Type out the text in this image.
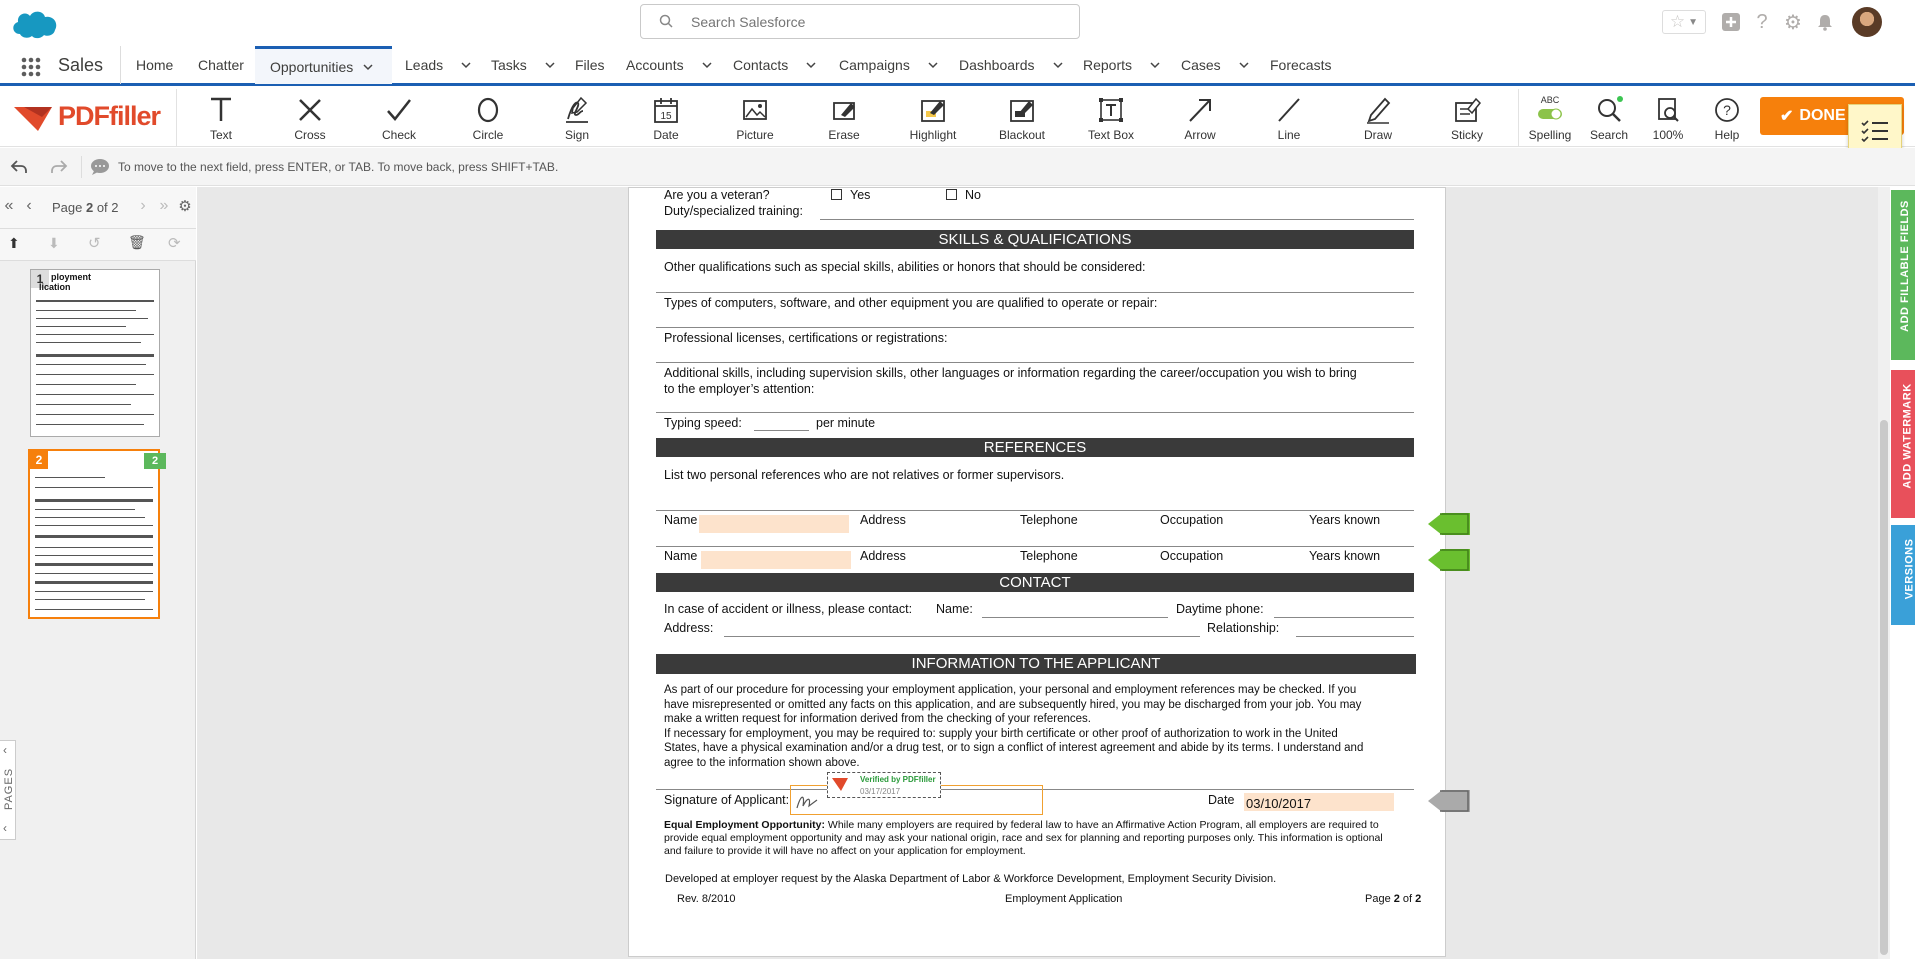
Search Salesforce
☆ ▼	? ⚙
Sales Home Chatter Opportunities	Leads	Tasks	Files Accounts	Contacts	Campaigns	Dashboards	Reports	Cases	Forecasts
PDFfiller
Text	Cross	Check	Circle	Sign
15
Date	Picture	Erase	Highlight	Blackout	Text Box	Arrow	Line	Draw	Sticky
ABC
Spelling Search 100%
?
Help
✔ DONE
To move to the next field, press ENTER, or TAB. To move back, press SHIFT+TAB.
« ‹	Page 2 of 2	› » ⚙
⬆ ⬇ ↺ 🗑 ⟳
1 ployment
lication
2	2
‹
PAGES
‹
Are you a veteran?	Yes	No
Duty/specialized training:
SKILLS & QUALIFICATIONS
Other qualifications such as special skills, abilities or honors that should be considered:
Types of computers, software, and other equipment you are qualified to operate or repair:
Professional licenses, certifications or registrations:
Additional skills, including supervision skills, other languages or information regarding the career/occupation you wish to bring
to the employer’s attention:
Typing speed:	per minute
REFERENCES
List two personal references who are not relatives or former supervisors.
Name	Address	Telephone	Occupation	Years known
Name	Address	Telephone	Occupation	Years known
CONTACT
In case of accident or illness, please contact: Name:	Daytime phone:
Address:	Relationship:
INFORMATION TO THE APPLICANT
As part of our procedure for processing your employment application, your personal and employment references may be checked. If you
have misrepresented or omitted any facts on this application, and are subsequently hired, you may be discharged from your job. You may
make a written request for information derived from the checking of your references.
If necessary for employment, you may be required to: supply your birth certificate or other proof of authorization to work in the United
States, have a physical examination and/or a drug test, or to sign a conflict of interest agreement and abide by its terms. I understand and
agree to the information shown above.
Signature of Applicant:
Verified by PDFfiller
03/17/2017
Date 03/10/2017
Equal Employment Opportunity: While many employers are required by federal law to have an Affirmative Action Program, all employers are required to
provide equal employment opportunity and may ask your national origin, race and sex for planning and reporting purposes only. This information is optional
and failure to provide it will have no affect on your application for employment.
Developed at employer request by the Alaska Department of Labor & Workforce Development, Employment Security Division.
Rev. 8/2010	Employment Application	Page 2 of 2
ADD FILLABLE FIELDS
ADD WATERMARK
VERSIONS
